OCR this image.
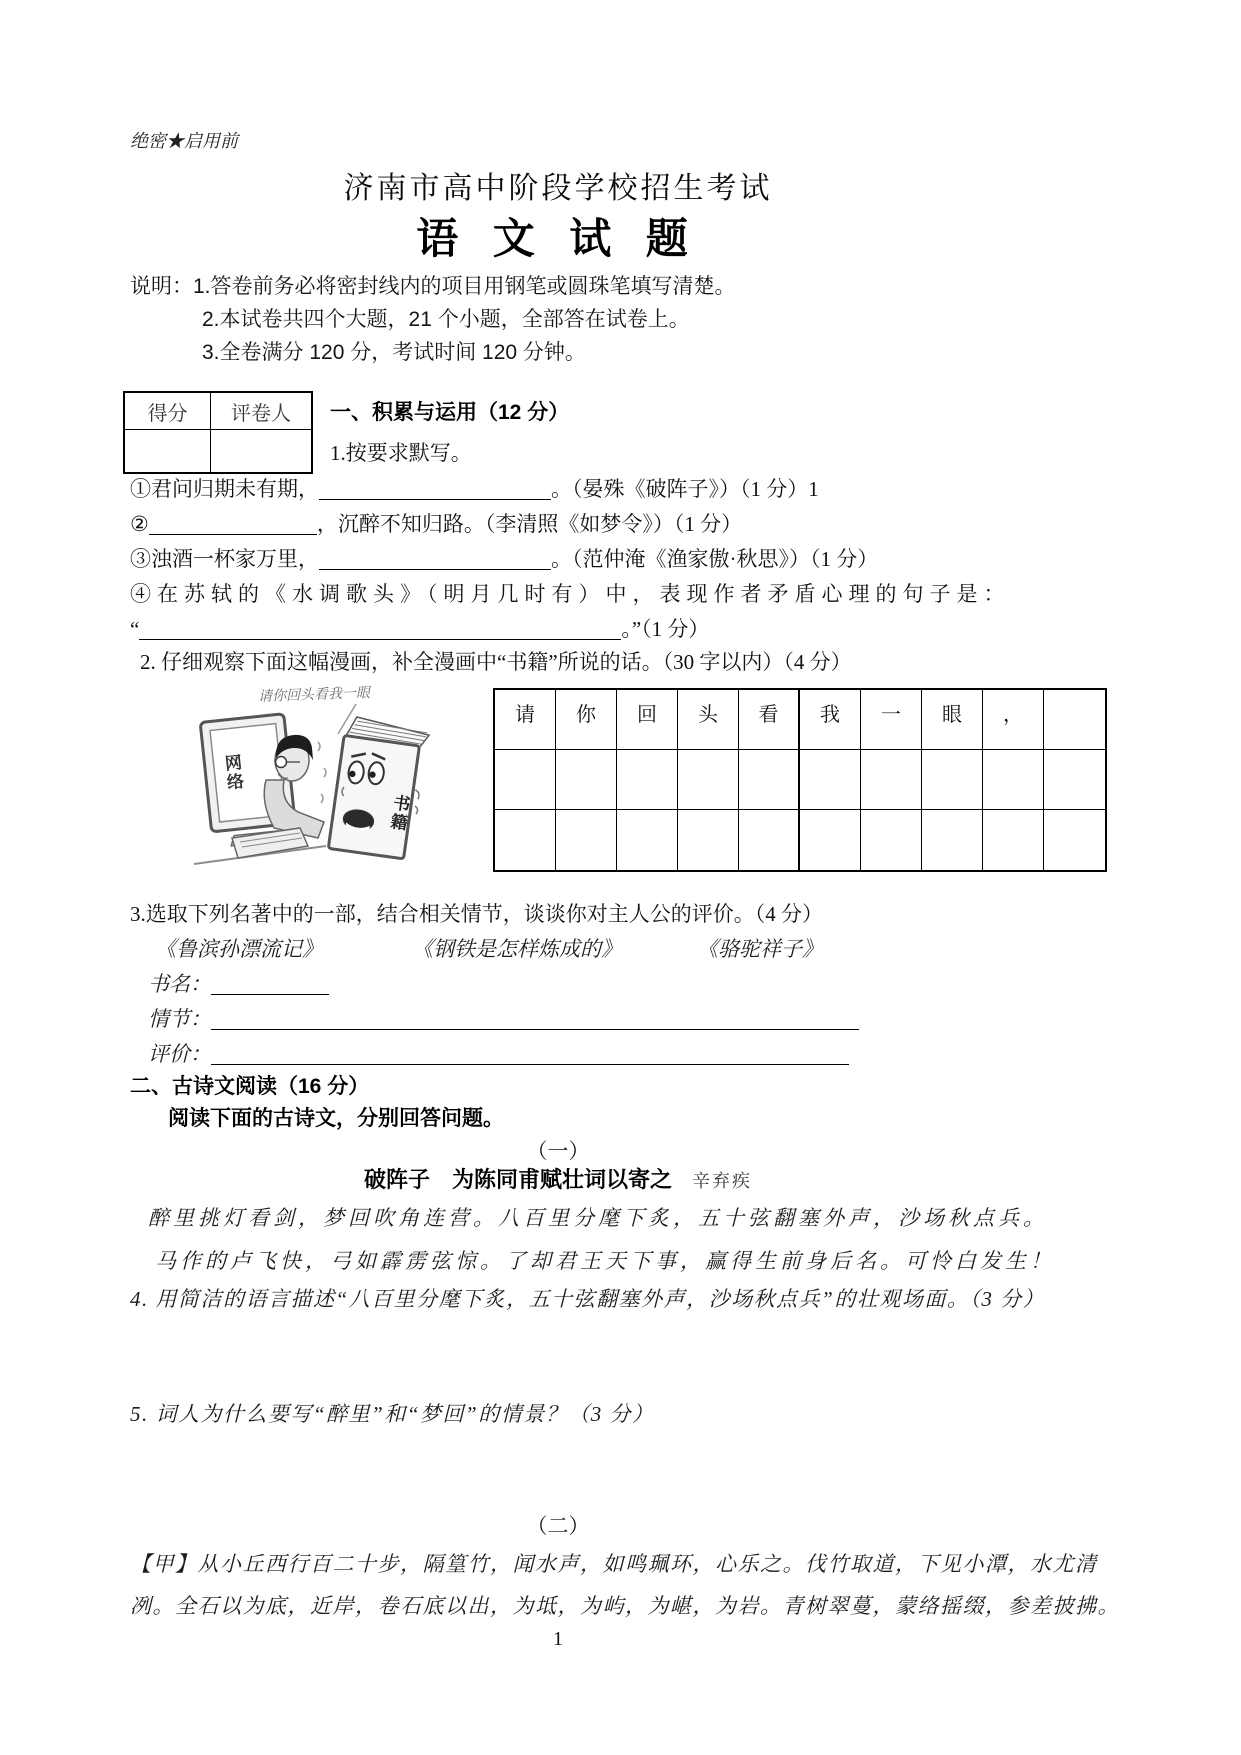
绝密★启用前
济南市高中阶段学校招生考试
语 文 试 题
说明：1.答卷前务必将密封线内的项目用钢笔或圆珠笔填写清楚。
2.本试卷共四个大题，21 个小题，全部答在试卷上。
3.全卷满分 120 分，考试时间 120 分钟。
得分	评卷人	一、积累与运用（12 分）
1.按要求默写。
①君问归期未有期，	。（晏殊《破阵子》）（1 分）1
②	，沉醉不知归路。（李清照《如梦令》）（1 分）
③浊酒一杯家万里，	。（范仲淹《渔家傲·秋思》）（1 分）
④在苏轼的《水调歌头》（明月几时有）中，表现作者矛盾心理的句子是：
“	。”（1 分）
2. 仔细观察下面这幅漫画，补全漫画中“书籍”所说的话。（30 字以内）（4 分）
请你回头看我一眼
网络
书籍
请	你	回	头	看	我	一	眼	，
3.选取下列名著中的一部，结合相关情节，谈谈你对主人公的评价。（4 分）
《鲁滨孙漂流记》	《钢铁是怎样炼成的》	《骆驼祥子》
书名：
情节：
评价：
二、古诗文阅读（16 分）
阅读下面的古诗文，分别回答问题。
（一）
破阵子　为陈同甫赋壮词以寄之 辛弃疾
醉里挑灯看剑，梦回吹角连营。八百里分麾下炙，五十弦翻塞外声，沙场秋点兵。
马作的卢飞快，弓如霹雳弦惊。了却君王天下事，赢得生前身后名。可怜白发生！
4. 用简洁的语言描述“八百里分麾下炙，五十弦翻塞外声，沙场秋点兵”的壮观场面。（3 分）
5. 词人为什么要写“醉里”和“梦回”的情景？（3 分）
（二）
【甲】从小丘西行百二十步，隔篁竹，闻水声，如鸣珮环，心乐之。伐竹取道，下见小潭，水尤清
冽。全石以为底，近岸，卷石底以出，为坻，为屿，为嵁，为岩。青树翠蔓，蒙络摇缀，参差披拂。
1
